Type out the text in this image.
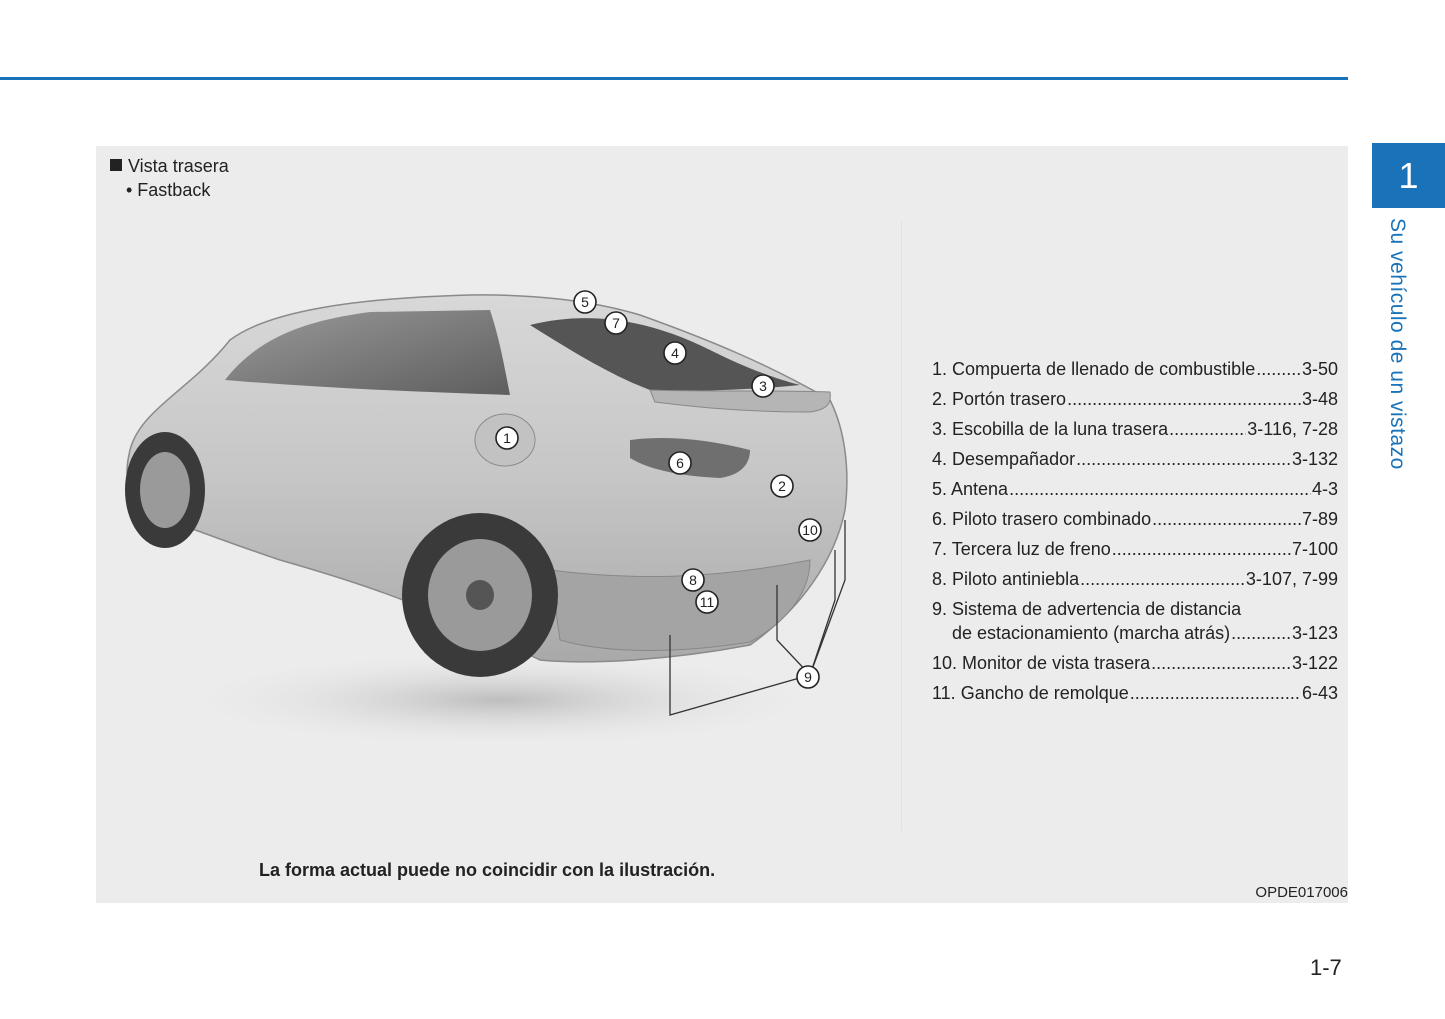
1
Su vehículo de un vistazo
Vista trasera
• Fastback
1
2
3
4
5
6
7
8
9
10
11
1. Compuerta de llenado de combustible .....	3-50
2. Portón trasero .....	3-48
3. Escobilla de la luna trasera .....	3-116, 7-28
4. Desempañador .....	3-132
5. Antena .....	4-3
6. Piloto trasero combinado .....	7-89
7. Tercera luz de freno .....	7-100
8. Piloto antiniebla .....	3-107, 7-99
9. Sistema de advertencia de distancia
de estacionamiento (marcha atrás) .....	3-123
10. Monitor de vista trasera .....	3-122
11. Gancho de remolque .....	6-43
La forma actual puede no coincidir con la ilustración.
OPDE017006
1-7
